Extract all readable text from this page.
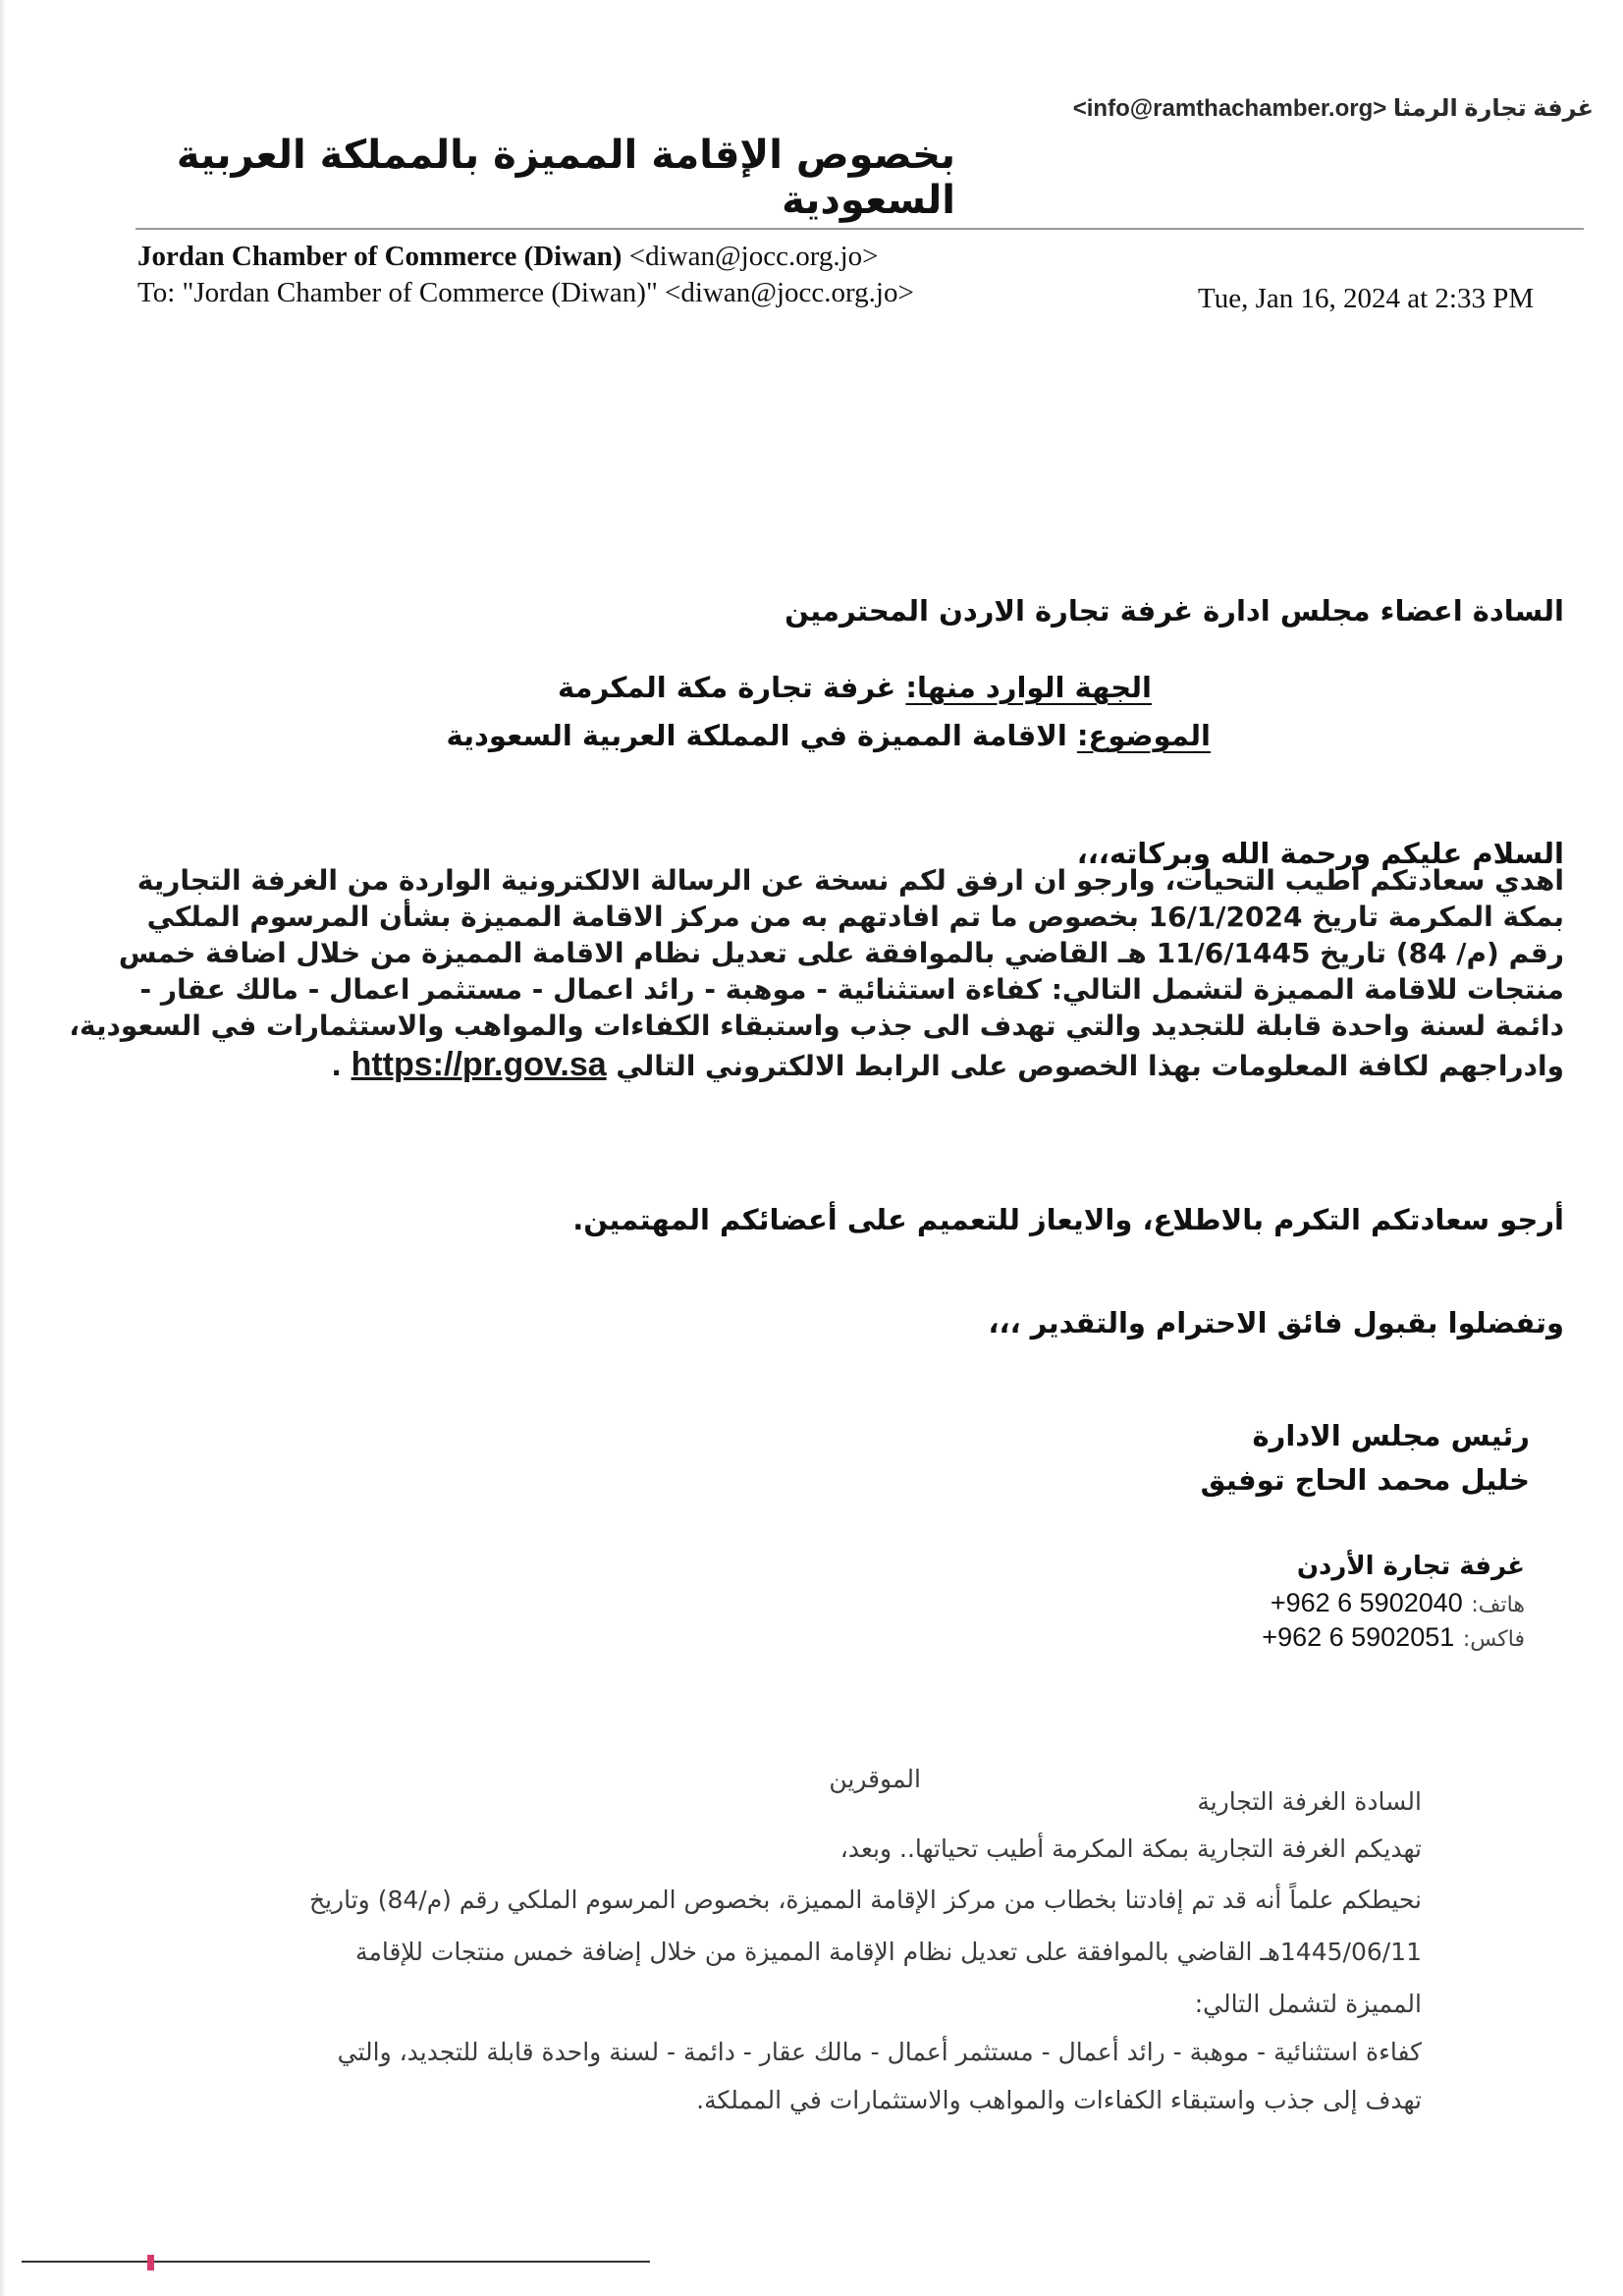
غرفة تجارة الرمثا <info@ramthachamber.org>
بخصوص الإقامة المميزة بالمملكة العربية السعودية
Jordan Chamber of Commerce (Diwan) <diwan@jocc.org.jo>
To: "Jordan Chamber of Commerce (Diwan)" <diwan@jocc.org.jo>	Tue, Jan 16, 2024 at 2:33 PM
السادة اعضاء مجلس ادارة غرفة تجارة الاردن المحترمين
الجهة الوارد منها: غرفة تجارة مكة المكرمة
الموضوع: الاقامة المميزة في المملكة العربية السعودية
السلام عليكم ورحمة الله وبركاته،،،
اهدي سعادتكم اطيب التحيات، وارجو ان ارفق لكم نسخة عن الرسالة الالكترونية الواردة من الغرفة التجارية
بمكة المكرمة تاريخ 16/1/2024 بخصوص ما تم افادتهم به من مركز الاقامة المميزة بشأن المرسوم الملكي
رقم (م/ 84) تاريخ 11/6/1445 هـ القاضي بالموافقة على تعديل نظام الاقامة المميزة من خلال اضافة خمس
منتجات للاقامة المميزة لتشمل التالي: كفاءة استثنائية - موهبة - رائد اعمال - مستثمر اعمال - مالك عقار -
دائمة لسنة واحدة قابلة للتجديد والتي تهدف الى جذب واستبقاء الكفاءات والمواهب والاستثمارات في السعودية،
وادراجهم لكافة المعلومات بهذا الخصوص على الرابط الالكتروني التالي https://pr.gov.sa .
أرجو سعادتكم التكرم بالاطلاع، والايعاز للتعميم على أعضائكم المهتمين.
وتفضلوا بقبول فائق الاحترام والتقدير ،،،
رئيس مجلس الادارة
خليل محمد الحاج توفيق
غرفة تجارة الأردن
هاتف: +962 6 5902040
فاكس: +962 6 5902051
الموقرين
السادة الغرفة التجارية
تهديكم الغرفة التجارية بمكة المكرمة أطيب تحياتها.. وبعد،
نحيطكم علماً أنه قد تم إفادتنا بخطاب من مركز الإقامة المميزة، بخصوص المرسوم الملكي رقم (م/84) وتاريخ
1445/06/11هـ القاضي بالموافقة على تعديل نظام الإقامة المميزة من خلال إضافة خمس منتجات للإقامة
المميزة لتشمل التالي:
كفاءة استثنائية - موهبة - رائد أعمال - مستثمر أعمال - مالك عقار - دائمة - لسنة واحدة قابلة للتجديد، والتي
تهدف إلى جذب واستبقاء الكفاءات والمواهب والاستثمارات في المملكة.
